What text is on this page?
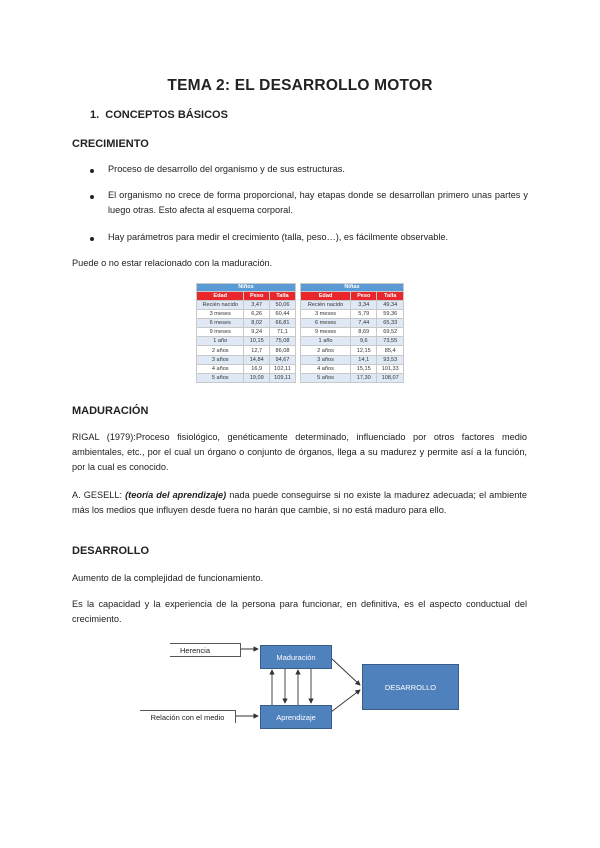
TEMA 2: EL DESARROLLO MOTOR
1.  CONCEPTOS BÁSICOS
CRECIMIENTO
Proceso de desarrollo del organismo y de sus estructuras.
El organismo no crece de forma proporcional, hay etapas donde se desarrollan primero unas partes y luego otras. Esto afecta al esquema corporal.
Hay parámetros para medir el crecimiento (talla, peso…), es fácilmente observable.
Puede o no estar relacionado con la maduración.
Niños		
Edad	Peso	Talla
Recién nacido	3,47	50,06
3 meses	6,26	60,44
6 meses	8,02	66,81
9 meses	9,24	71,1
1 año	10,15	75,08
2 años	12,7	86,08
3 años	14,84	94,67
4 años	16,9	102,11
5 años	19,09	109,11
Niñas		
Edad	Peso	Talla
Recién nacido	3,34	49,34
3 meses	5,79	59,36
6 meses	7,44	65,33
9 meses	8,69	69,52
1 año	9,6	73,55
2 años	12,15	85,4
3 años	14,1	93,53
4 años	15,15	101,33
5 años	17,30	108,07
MADURACIÓN
RIGAL (1979):Proceso fisiológico, genéticamente determinado, influenciado por otros factores medio ambientales, etc., por el cual un órgano o conjunto de órganos, llega a su madurez y permite así a la función, por la cual es conocido.
A. GESELL: (teoría del aprendizaje) nada puede conseguirse si no existe la madurez adecuada; el ambiente más los medios que influyen desde fuera no harán que cambie, si no está maduro para ello.
DESARROLLO
Aumento de la complejidad de funcionamiento.
Es la capacidad y la experiencia de la persona para funcionar, en definitiva, es el aspecto conductual del crecimiento.
Herencia
Maduración
Aprendizaje
Relación con el medio
DESARROLLO
